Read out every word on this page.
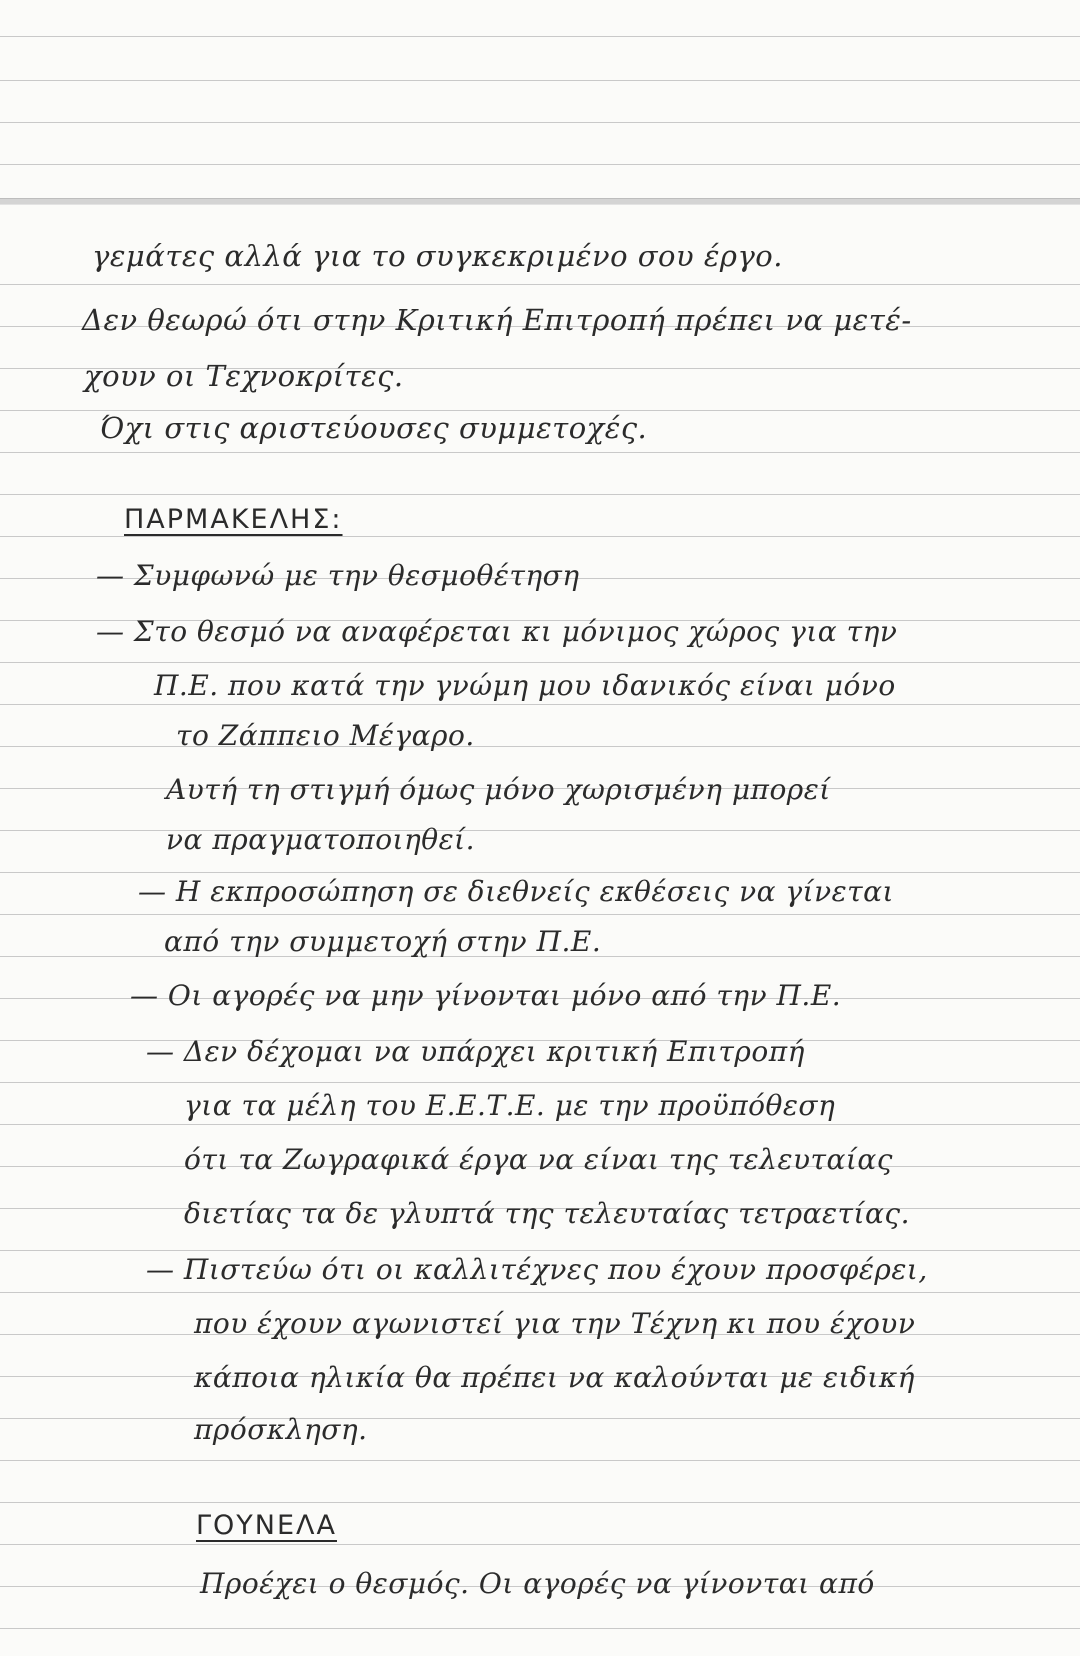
γεμάτες αλλά για το συγκεκριμένο σου έργο.
Δεν θεωρώ ότι στην Κριτική Επιτροπή πρέπει να μετέ-
χουν οι Τεχνοκρίτες.
Όχι στις αριστεύουσες συμμετοχές.
ΠΑΡΜΑΚΕΛΗΣ:
— Συμφωνώ με την θεσμοθέτηση
— Στο θεσμό να αναφέρεται κι μόνιμος χώρος για την
Π.Ε. που κατά την γνώμη μου ιδανικός είναι μόνο
το Ζάππειο Μέγαρο.
Αυτή τη στιγμή όμως μόνο χωρισμένη μπορεί
να πραγματοποιηθεί.
— Η εκπροσώπηση σε διεθνείς εκθέσεις να γίνεται
από την συμμετοχή στην Π.Ε.
— Οι αγορές να μην γίνονται μόνο από την Π.Ε.
— Δεν δέχομαι να υπάρχει κριτική Επιτροπή
για τα μέλη του Ε.Ε.Τ.Ε. με την προϋπόθεση
ότι τα Ζωγραφικά έργα να είναι της τελευταίας
διετίας τα δε γλυπτά της τελευταίας τετραετίας.
— Πιστεύω ότι οι καλλιτέχνες που έχουν προσφέρει,
που έχουν αγωνιστεί για την Τέχνη κι που έχουν
κάποια ηλικία θα πρέπει να καλούνται με ειδική
πρόσκληση.
ΓΟΥΝΕΛΑ
Προέχει ο θεσμός. Οι αγορές να γίνονται από
